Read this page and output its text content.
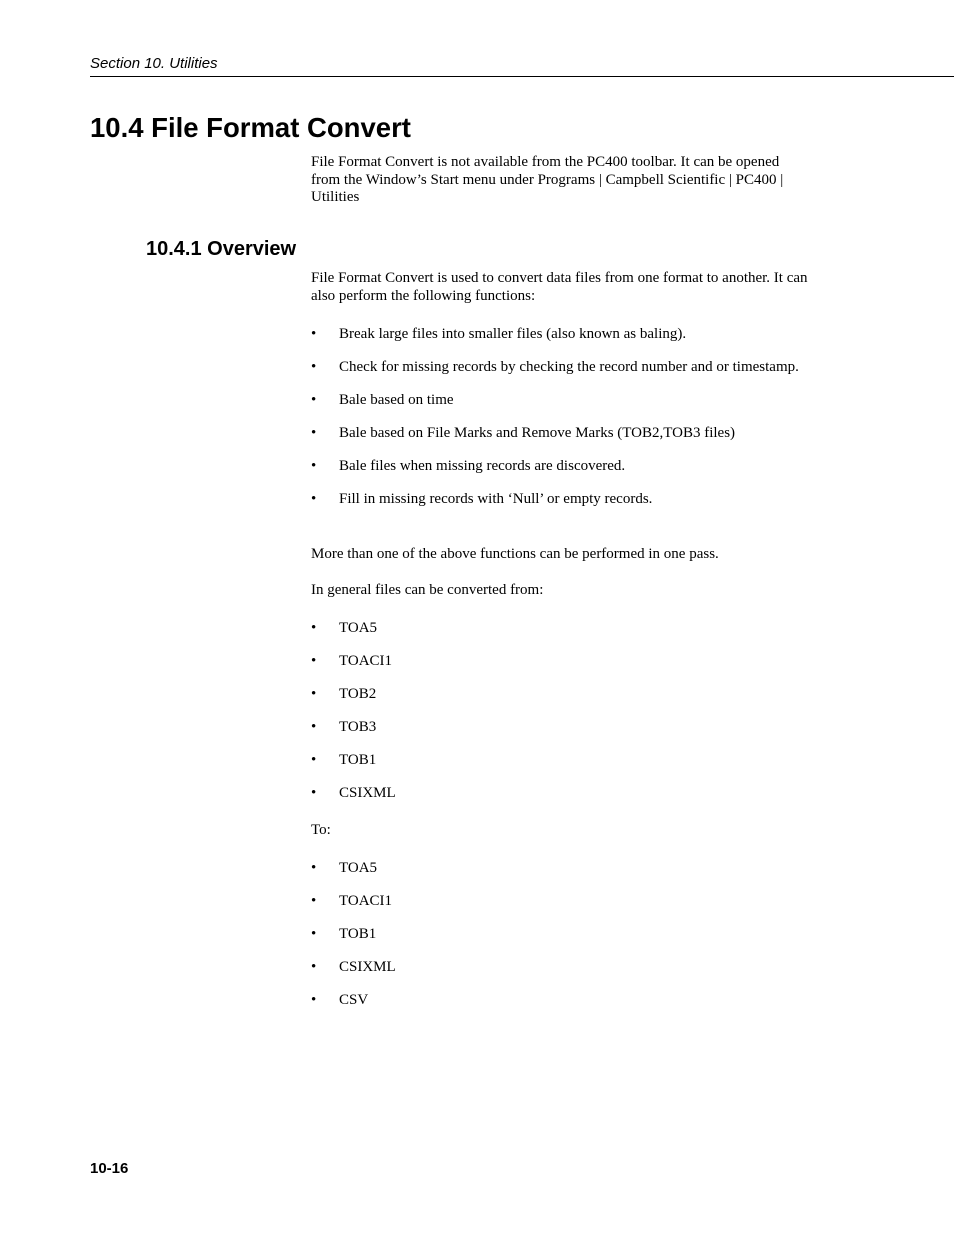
Section 10. Utilities
10.4 File Format Convert

File Format Convert is not available from the PC400 toolbar. It can be opened from the Window’s Start menu under Programs | Campbell Scientific | PC400 | Utilities

10.4.1 Overview

File Format Convert is used to convert data files from one format to another. It can also perform the following functions:

•	Break large files into smaller files (also known as baling).
•	Check for missing records by checking the record number and or timestamp.
•	Bale based on time
•	Bale based on File Marks and Remove Marks (TOB2,TOB3 files)
•	Bale files when missing records are discovered.
•	Fill in missing records with ‘Null’ or empty records.

More than one of the above functions can be performed in one pass.

In general files can be converted from:

•	TOA5
•	TOACI1
•	TOB2
•	TOB3
•	TOB1
•	CSIXML

To:

•	TOA5
•	TOACI1
•	TOB1
•	CSIXML
•	CSV
10-16
